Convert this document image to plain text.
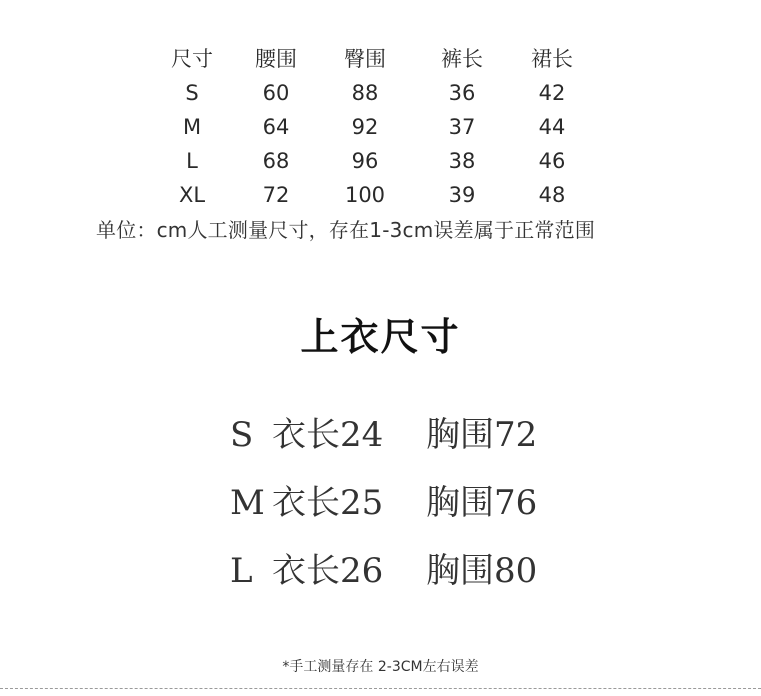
尺寸	腰围	臀围	裤长	裙长
S	60	88	36	42
M	64	92	37	44
L	68	96	38	46
XL	72	100	39	48
单位：cm人工测量尺寸，存在1-3cm误差属于正常范围
上衣尺寸
S 衣长24 胸围72
M 衣长25 胸围76
L 衣长26 胸围80
*手工测量存在 2-3CM左右误差
